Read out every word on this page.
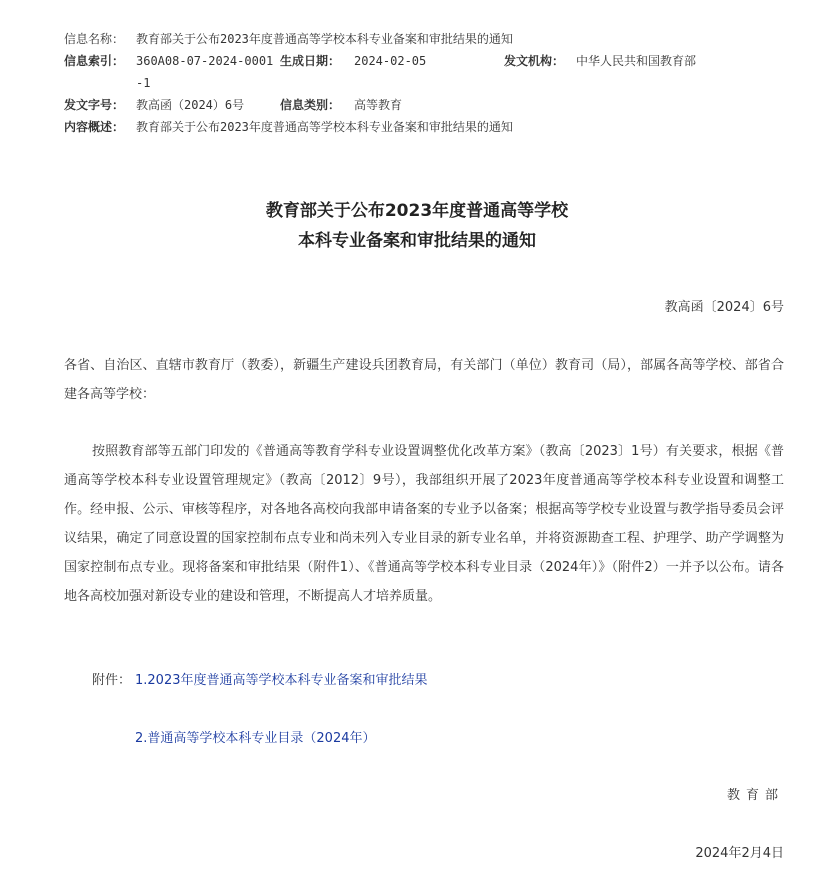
信息名称： 教育部关于公布2023年度普通高等学校本科专业备案和审批结果的通知
信息索引： 360A08-07-2024-0001-1
生成日期： 2024-02-05	发文机构： 中华人民共和国教育部
发文字号： 教高函（2024）6号	信息类别： 高等教育
内容概述： 教育部关于公布2023年度普通高等学校本科专业备案和审批结果的通知
教育部关于公布2023年度普通高等学校
本科专业备案和审批结果的通知
教高函〔2024〕6号
各省、自治区、直辖市教育厅（教委），新疆生产建设兵团教育局，有关部门（单位）教育司（局），部属各高等学校、部省合建各高等学校：
按照教育部等五部门印发的《普通高等教育学科专业设置调整优化改革方案》（教高〔2023〕1号）有关要求，根据《普通高等学校本科专业设置管理规定》（教高〔2012〕9号），我部组织开展了2023年度普通高等学校本科专业设置和调整工作。经申报、公示、审核等程序，对各地各高校向我部申请备案的专业予以备案；根据高等学校专业设置与教学指导委员会评议结果，确定了同意设置的国家控制布点专业和尚未列入专业目录的新专业名单，并将资源勘查工程、护理学、助产学调整为国家控制布点专业。现将备案和审批结果（附件1）、《普通高等学校本科专业目录（2024年）》（附件2）一并予以公布。请各地各高校加强对新设专业的建设和管理，不断提高人才培养质量。
附件： 1.2023年度普通高等学校本科专业备案和审批结果
2.普通高等学校本科专业目录（2024年）
教育部
2024年2月4日
